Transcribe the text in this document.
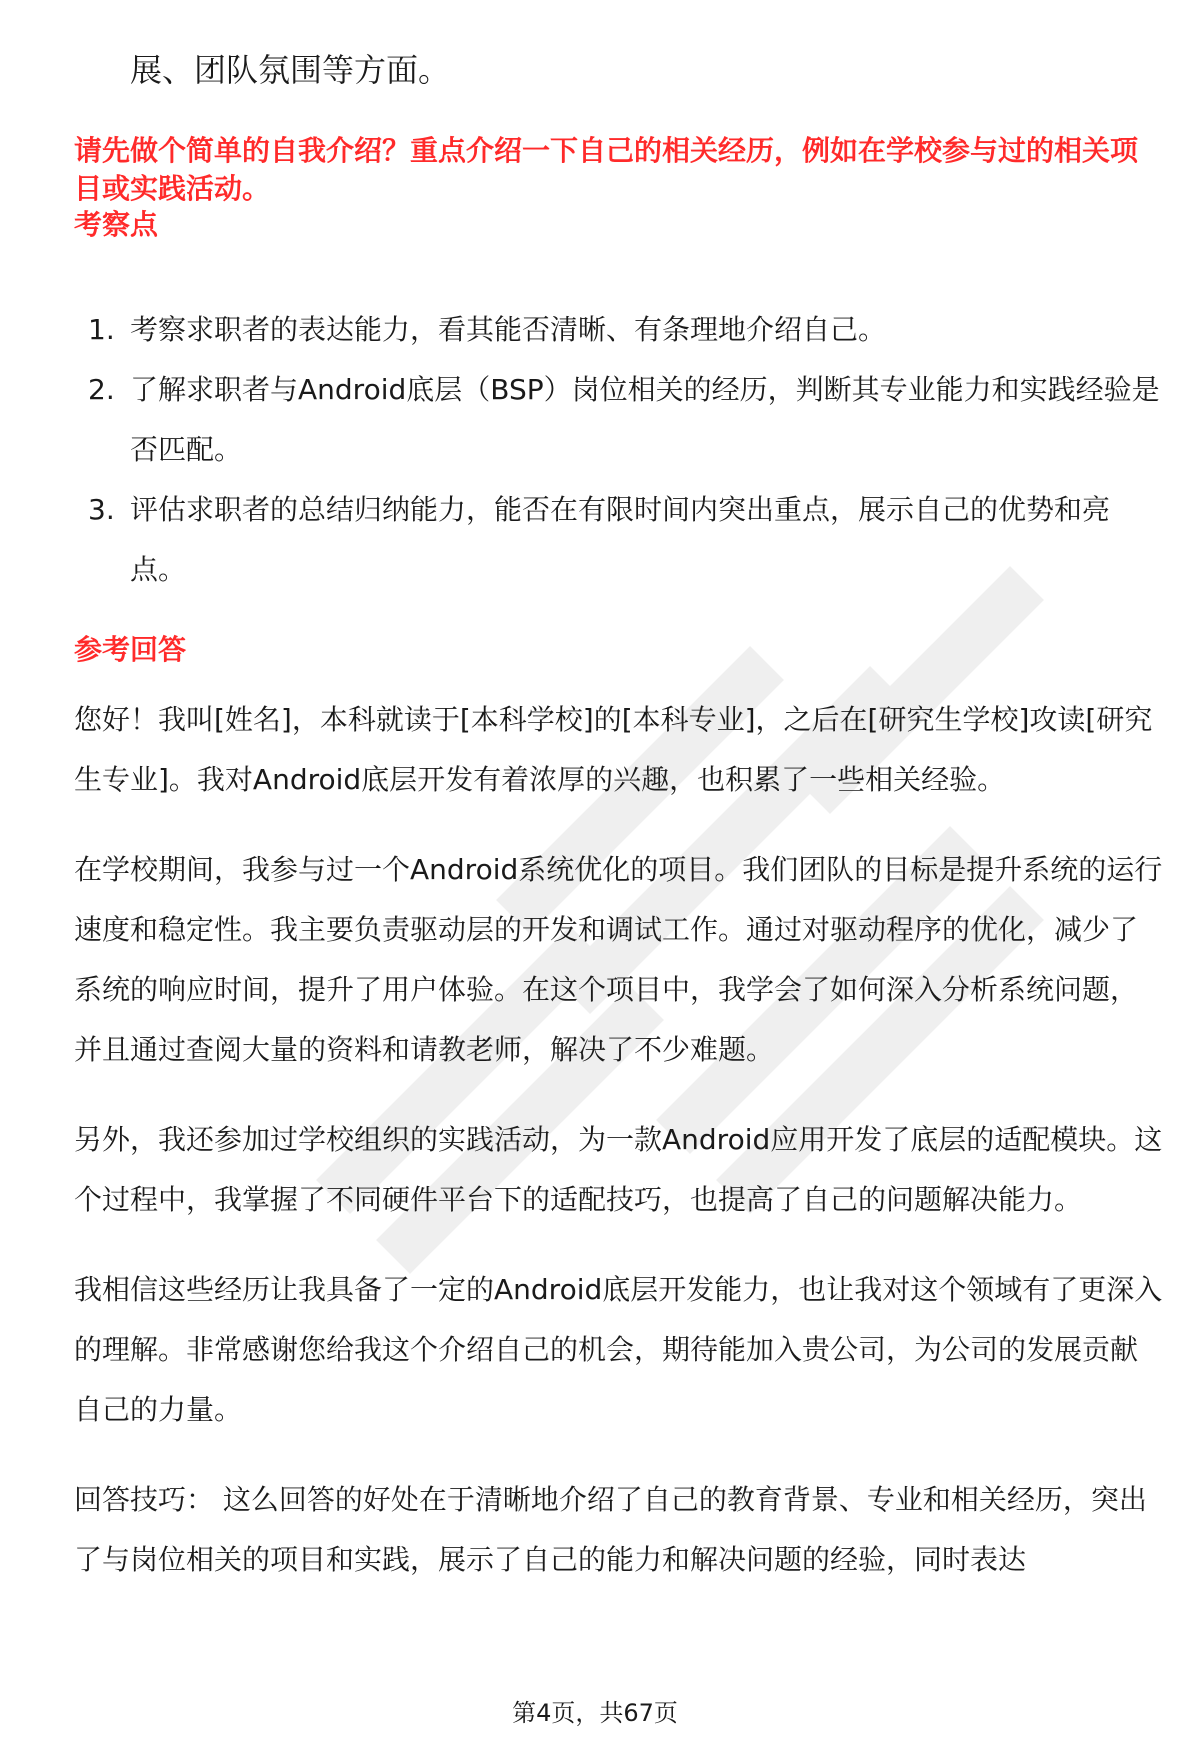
展、团队氛围等方面。

请先做个简单的自我介绍？重点介绍一下自己的相关经历，例如在学校参与过的相关项目或实践活动。

考察点
1. 考察求职者的表达能力，看其能否清晰、有条理地介绍自己。
2. 了解求职者与Android底层（BSP）岗位相关的经历，判断其专业能力和实践经验是否匹配。
3. 评估求职者的总结归纳能力，能否在有限时间内突出重点，展示自己的优势和亮点。
参考回答

您好！我叫[姓名]，本科就读于[本科学校]的[本科专业]，之后在[研究生学校]攻读[研究生专业]。我对Android底层开发有着浓厚的兴趣，也积累了一些相关经验。

在学校期间，我参与过一个Android系统优化的项目。我们团队的目标是提升系统的运行速度和稳定性。我主要负责驱动层的开发和调试工作。通过对驱动程序的优化，减少了系统的响应时间，提升了用户体验。在这个项目中，我学会了如何深入分析系统问题，并且通过查阅大量的资料和请教老师，解决了不少难题。

另外，我还参加过学校组织的实践活动，为一款Android应用开发了底层的适配模块。这个过程中，我掌握了不同硬件平台下的适配技巧，也提高了自己的问题解决能力。

我相信这些经历让我具备了一定的Android底层开发能力，也让我对这个领域有了更深入的理解。非常感谢您给我这个介绍自己的机会，期待能加入贵公司，为公司的发展贡献自己的力量。

回答技巧： 这么回答的好处在于清晰地介绍了自己的教育背景、专业和相关经历，突出了与岗位相关的项目和实践，展示了自己的能力和解决问题的经验，同时表达

第4页，共67页
